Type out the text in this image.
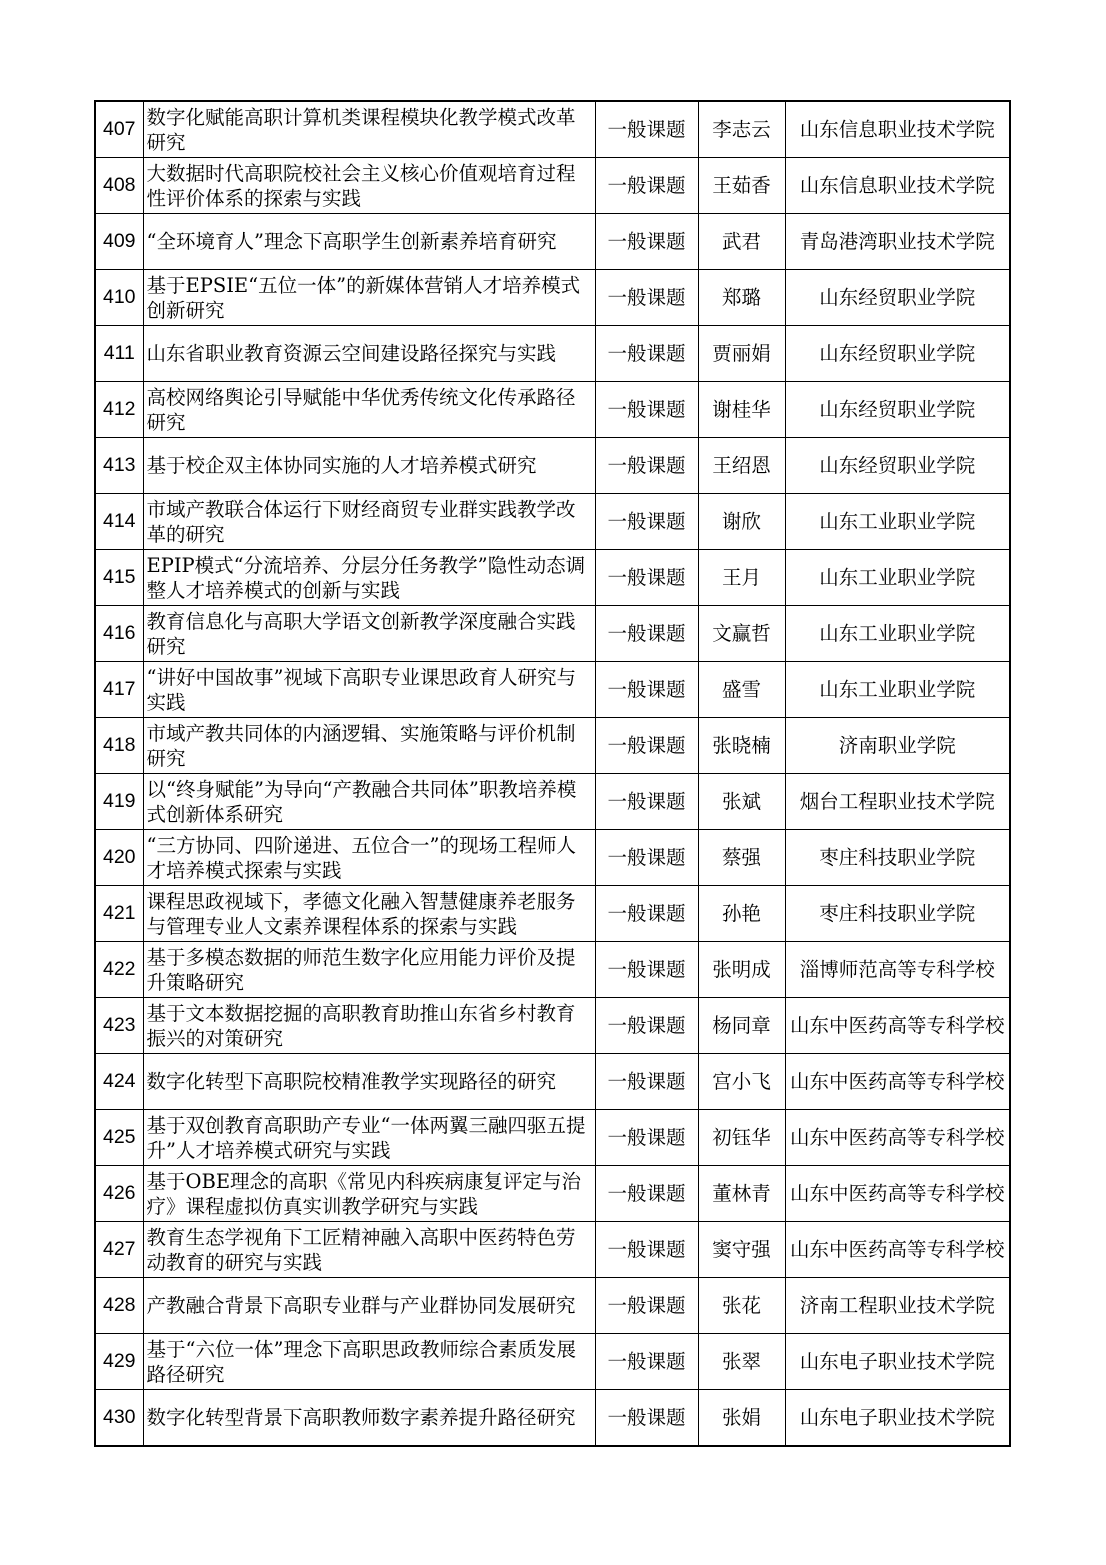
407	数字化赋能高职计算机类课程模块化教学模式改革研究	一般课题	李志云	山东信息职业技术学院
408	大数据时代高职院校社会主义核心价值观培育过程性评价体系的探索与实践	一般课题	王茹香	山东信息职业技术学院
409	“全环境育人”理念下高职学生创新素养培育研究	一般课题	武君	青岛港湾职业技术学院
410	基于EPSIE“五位一体”的新媒体营销人才培养模式创新研究	一般课题	郑璐	山东经贸职业学院
411	山东省职业教育资源云空间建设路径探究与实践	一般课题	贾丽娟	山东经贸职业学院
412	高校网络舆论引导赋能中华优秀传统文化传承路径研究	一般课题	谢桂华	山东经贸职业学院
413	基于校企双主体协同实施的人才培养模式研究	一般课题	王绍恩	山东经贸职业学院
414	市域产教联合体运行下财经商贸专业群实践教学改革的研究	一般课题	谢欣	山东工业职业学院
415	EPIP模式“分流培养、分层分任务教学”隐性动态调整人才培养模式的创新与实践	一般课题	王月	山东工业职业学院
416	教育信息化与高职大学语文创新教学深度融合实践研究	一般课题	文赢哲	山东工业职业学院
417	“讲好中国故事”视域下高职专业课思政育人研究与实践	一般课题	盛雪	山东工业职业学院
418	市域产教共同体的内涵逻辑、实施策略与评价机制研究	一般课题	张晓楠	济南职业学院
419	以“终身赋能”为导向“产教融合共同体”职教培养模式创新体系研究	一般课题	张斌	烟台工程职业技术学院
420	“三方协同、四阶递进、五位合一”的现场工程师人才培养模式探索与实践	一般课题	蔡强	枣庄科技职业学院
421	课程思政视域下，孝德文化融入智慧健康养老服务与管理专业人文素养课程体系的探索与实践	一般课题	孙艳	枣庄科技职业学院
422	基于多模态数据的师范生数字化应用能力评价及提升策略研究	一般课题	张明成	淄博师范高等专科学校
423	基于文本数据挖掘的高职教育助推山东省乡村教育振兴的对策研究	一般课题	杨同章	山东中医药高等专科学校
424	数字化转型下高职院校精准教学实现路径的研究	一般课题	宫小飞	山东中医药高等专科学校
425	基于双创教育高职助产专业“一体两翼三融四驱五提升”人才培养模式研究与实践	一般课题	初钰华	山东中医药高等专科学校
426	基于OBE理念的高职《常见内科疾病康复评定与治疗》课程虚拟仿真实训教学研究与实践	一般课题	董林青	山东中医药高等专科学校
427	教育生态学视角下工匠精神融入高职中医药特色劳动教育的研究与实践	一般课题	窦守强	山东中医药高等专科学校
428	产教融合背景下高职专业群与产业群协同发展研究	一般课题	张花	济南工程职业技术学院
429	基于“六位一体”理念下高职思政教师综合素质发展路径研究	一般课题	张翠	山东电子职业技术学院
430	数字化转型背景下高职教师数字素养提升路径研究	一般课题	张娟	山东电子职业技术学院
